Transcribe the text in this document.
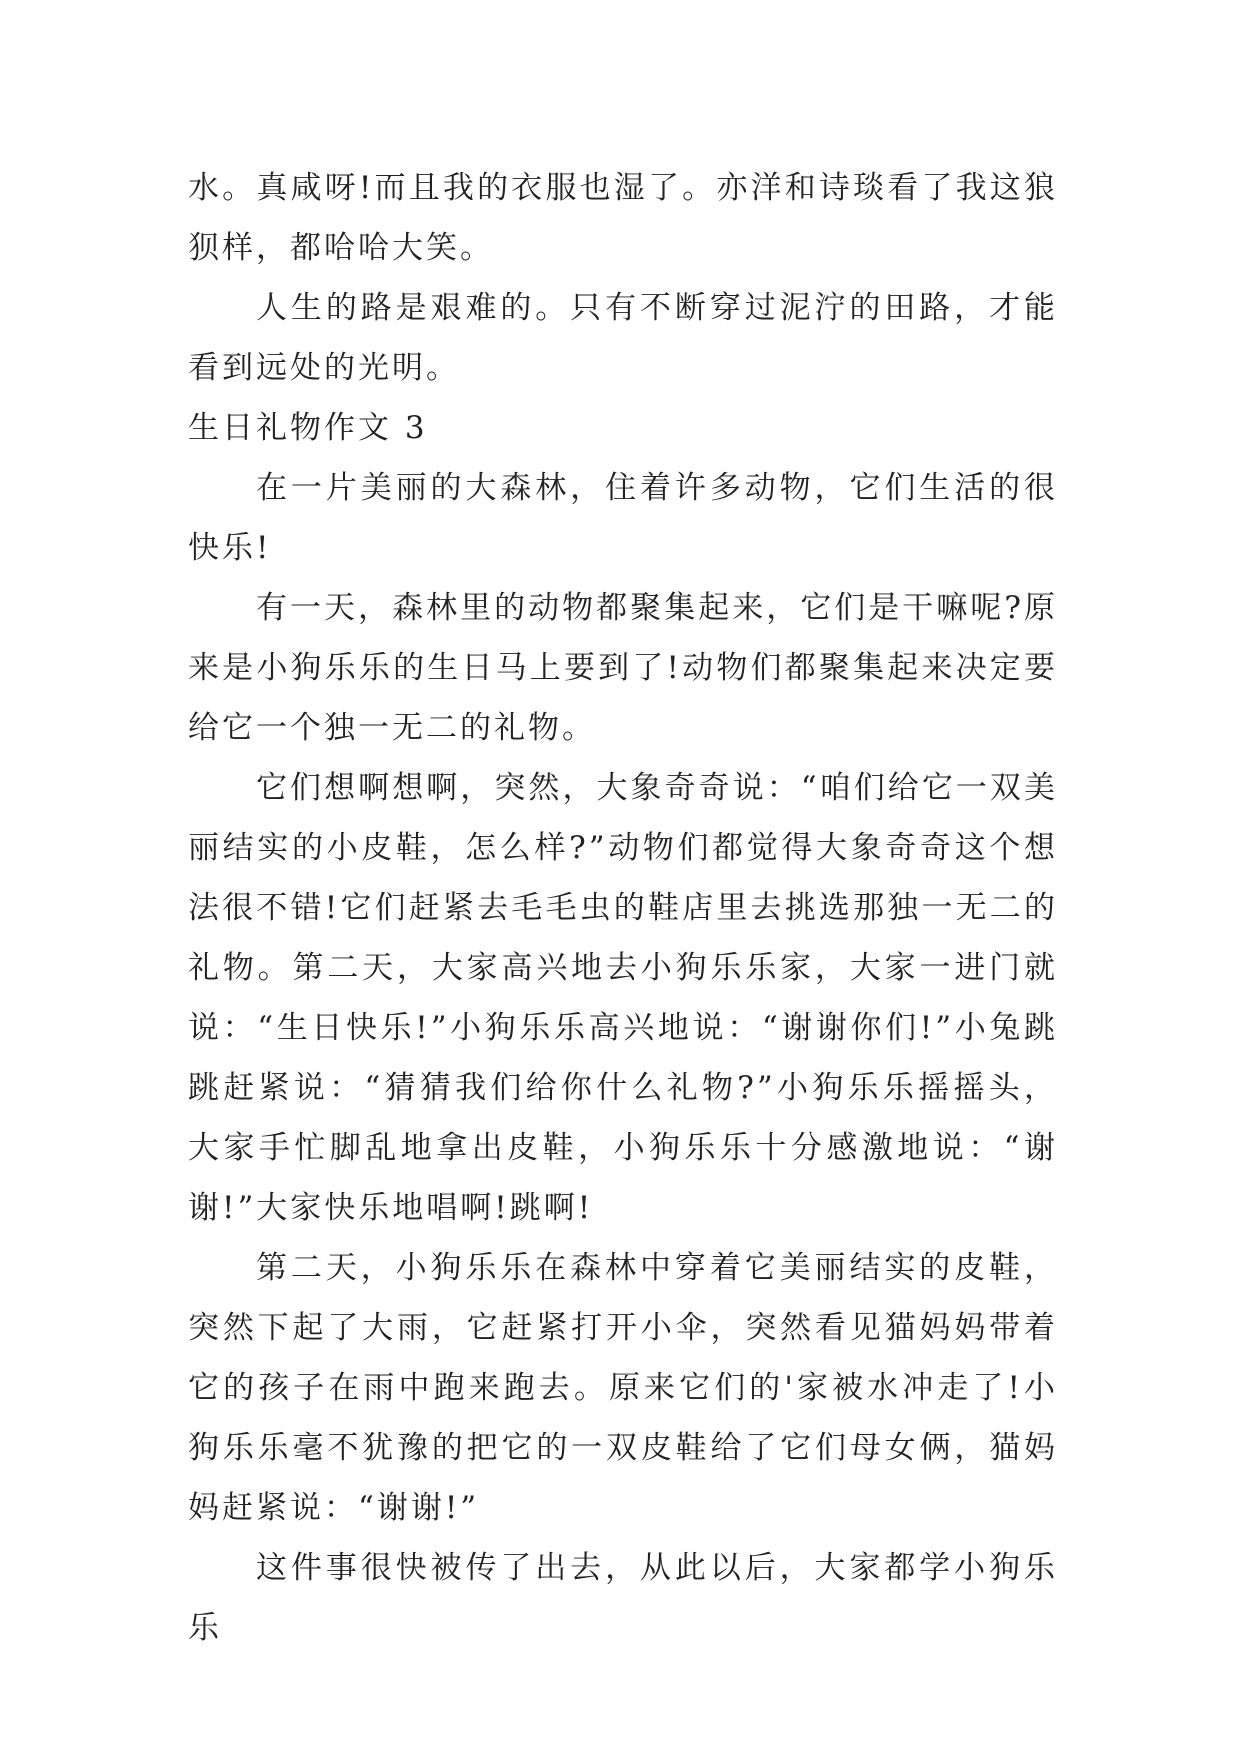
水。真咸呀!而且我的衣服也湿了。亦洋和诗琰看了我这狼狈样，都哈哈大笑。

人生的路是艰难的。只有不断穿过泥泞的田路，才能看到远处的光明。

生日礼物作文 3

在一片美丽的大森林，住着许多动物，它们生活的很快乐!

有一天，森林里的动物都聚集起来，它们是干嘛呢?原来是小狗乐乐的生日马上要到了!动物们都聚集起来决定要给它一个独一无二的礼物。

它们想啊想啊，突然，大象奇奇说：“咱们给它一双美丽结实的小皮鞋，怎么样?”动物们都觉得大象奇奇这个想法很不错!它们赶紧去毛毛虫的鞋店里去挑选那独一无二的礼物。第二天，大家高兴地去小狗乐乐家，大家一进门就说：“生日快乐!”小狗乐乐高兴地说：“谢谢你们!”小兔跳跳赶紧说：“猜猜我们给你什么礼物?”小狗乐乐摇摇头，大家手忙脚乱地拿出皮鞋，小狗乐乐十分感激地说：“谢谢!”大家快乐地唱啊!跳啊!

第二天，小狗乐乐在森林中穿着它美丽结实的皮鞋，突然下起了大雨，它赶紧打开小伞，突然看见猫妈妈带着它的孩子在雨中跑来跑去。原来它们的'家被水冲走了!小狗乐乐毫不犹豫的把它的一双皮鞋给了它们母女俩，猫妈妈赶紧说：“谢谢!”

这件事很快被传了出去，从此以后，大家都学小狗乐乐
